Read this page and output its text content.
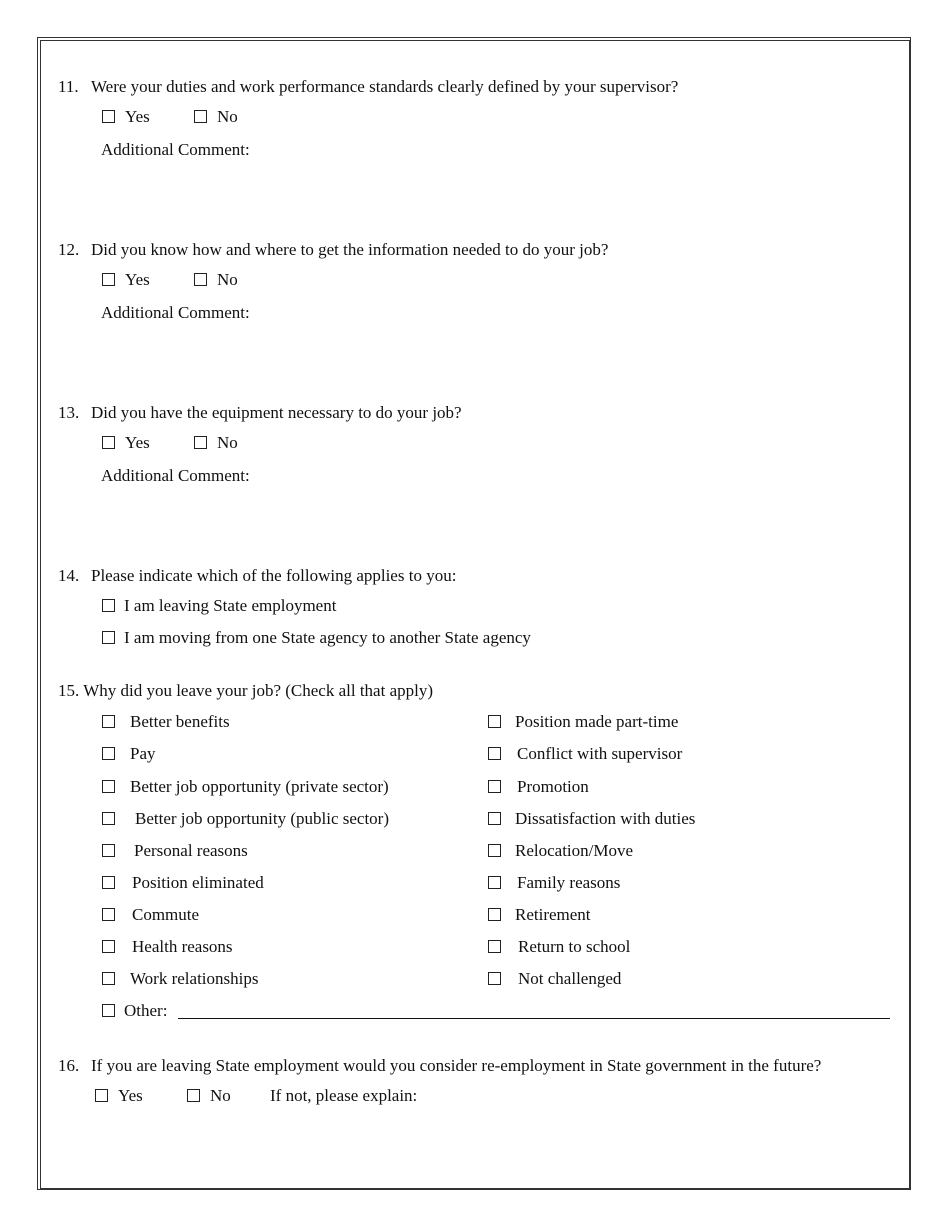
11. Were your duties and work performance standards clearly defined by your supervisor?
Yes	No
Additional Comment:
12. Did you know how and where to get the information needed to do your job?
Yes	No
Additional Comment:
13. Did you have the equipment necessary to do your job?
Yes	No
Additional Comment:
14. Please indicate which of the following applies to you:
I am leaving State employment
I am moving from one State agency to another State agency
15. Why did you leave your job? (Check all that apply)
Better benefits
Pay
Better job opportunity (private sector)
Better job opportunity (public sector)
Personal reasons
Position eliminated
Commute
Health reasons
Work relationships
Position made part-time
Conflict with supervisor
Promotion
Dissatisfaction with duties
Relocation/Move
Family reasons
Retirement
Return to school
Not challenged
Other:
16. If you are leaving State employment would you consider re-employment in State government in the future?
Yes	No If not, please explain:
